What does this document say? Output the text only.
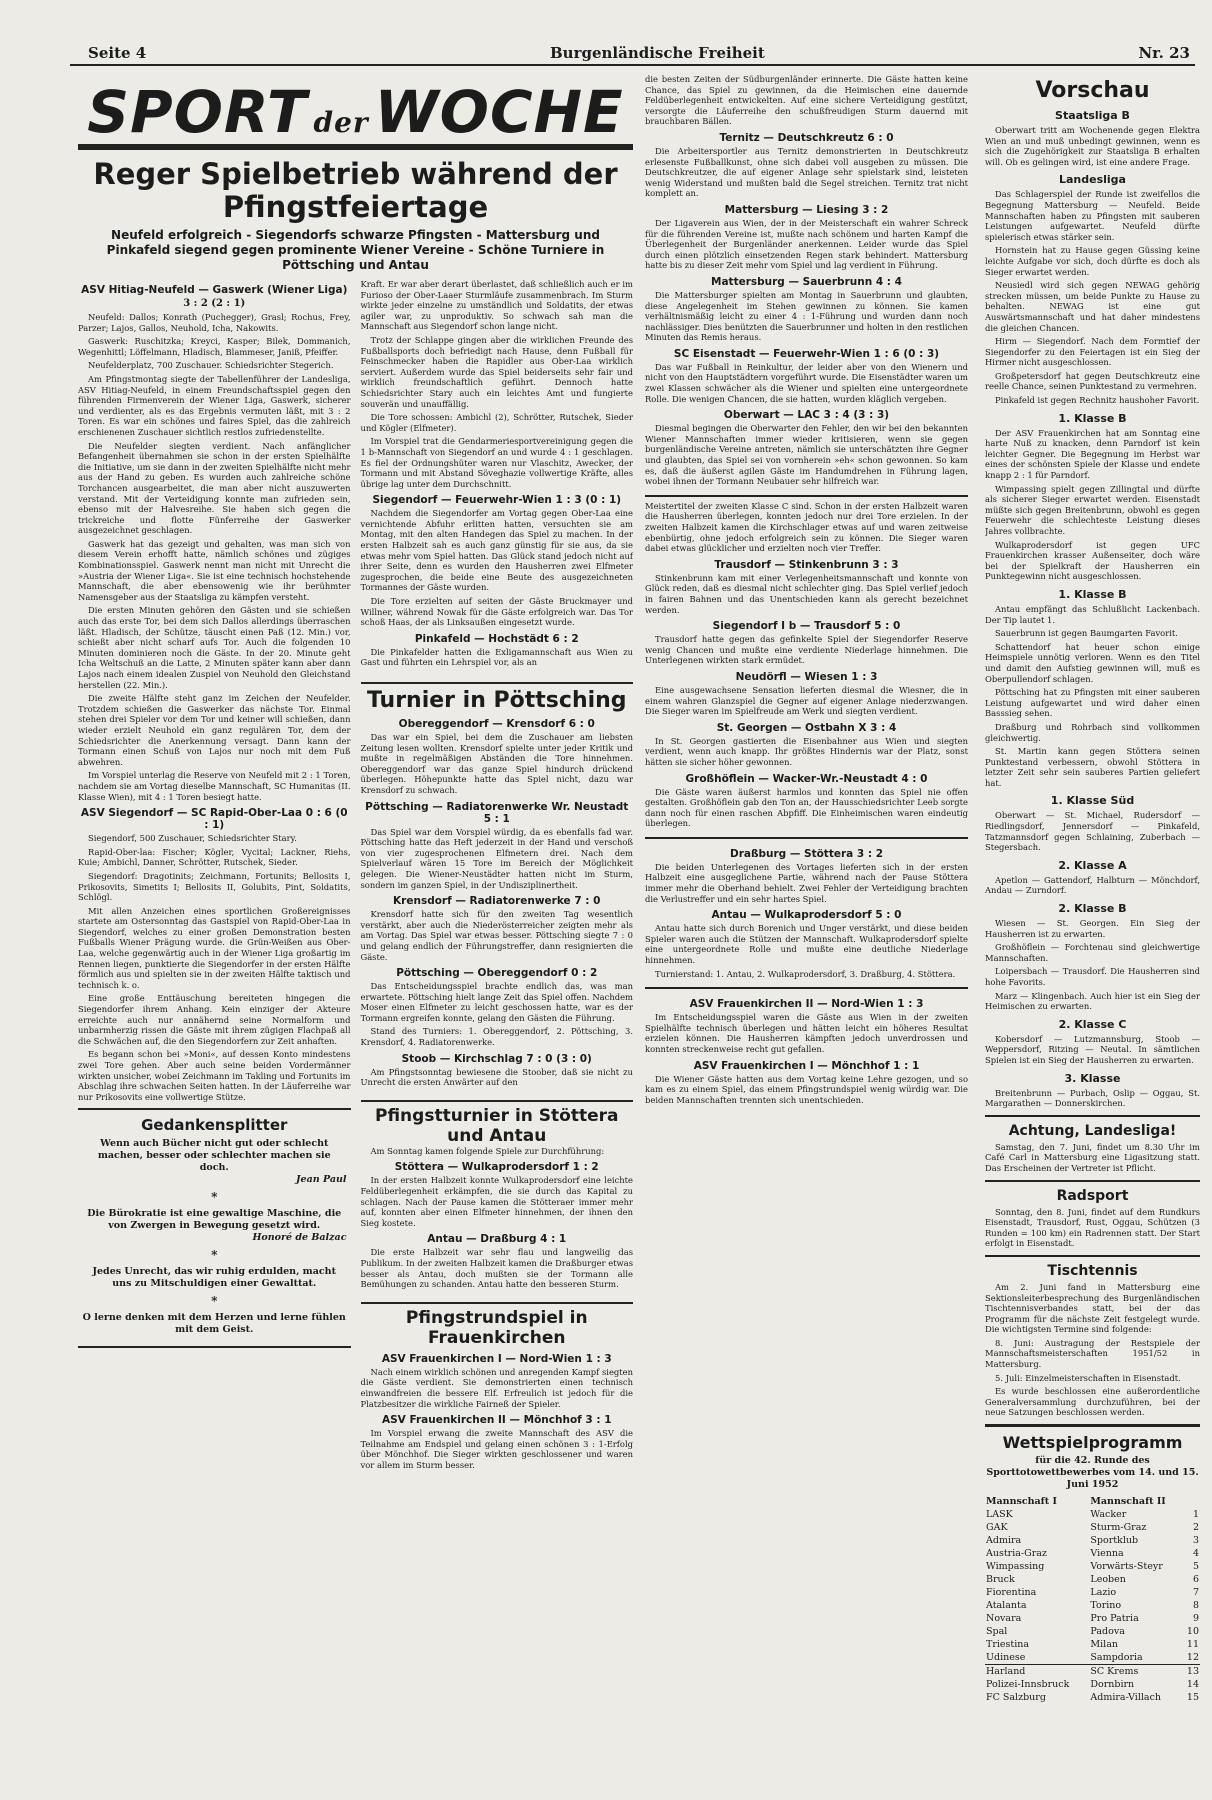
Seite 4	Burgenländische Freiheit	Nr. 23
SPORT der WOCHE
Reger Spielbetrieb während der Pfingstfeiertage
Neufeld erfolgreich - Siegendorfs schwarze Pfingsten - Mattersburg und Pinkafeld siegend gegen prominente Wiener Vereine - Schöne Turniere in Pöttsching und Antau
ASV Hitiag-Neufeld — Gaswerk (Wiener Liga)
3 : 2 (2 : 1)

Neufeld: Dallos; Konrath (Puchegger), Grasl; Rochus, Frey, Parzer; Lajos, Gallos, Neuhold, Icha, Nakowits.

Gaswerk: Ruschitzka; Kreyci, Kasper; Bilek, Dommanich, Wegenhittl; Löffelmann, Hladisch, Blammeser, Janiß, Pfeiffer.

Neufelderplatz, 700 Zuschauer. Schiedsrichter Stegerich.

Am Pfingstmontag siegte der Tabellenführer der Landesliga, ASV Hitiag-Neufeld, in einem Freundschaftsspiel gegen den führenden Firmenverein der Wiener Liga, Gaswerk, sicherer und verdienter, als es das Ergebnis vermuten läßt, mit 3 : 2 Toren. Es war ein schönes und faires Spiel, das die zahlreich erschienenen Zuschauer sichtlich restlos zufriedenstellte.

Die Neufelder siegten verdient. Nach anfänglicher Befangenheit übernahmen sie schon in der ersten Spielhälfte die Initiative, um sie dann in der zweiten Spielhälfte nicht mehr aus der Hand zu geben. Es wurden auch zahlreiche schöne Torchancen ausgearbeitet, die man aber nicht auszuwerten verstand. Mit der Verteidigung konnte man zufrieden sein, ebenso mit der Halvesreihe. Sie haben sich gegen die trickreiche und flotte Fünferreihe der Gaswerker ausgezeichnet geschlagen.

Gaswerk hat das gezeigt und gehalten, was man sich von diesem Verein erhofft hatte, nämlich schönes und zügiges Kombinationsspiel. Gaswerk nennt man nicht mit Unrecht die »Austria der Wiener Liga«. Sie ist eine technisch hochstehende Mannschaft, die aber ebensowenig wie ihr berühmter Namensgeber aus der Staatsliga zu kämpfen versteht.

Die ersten Minuten gehören den Gästen und sie schießen auch das erste Tor, bei dem sich Dallos allerdings überraschen läßt. Hladisch, der Schütze, täuscht einen Paß (12. Min.) vor, schießt aber nicht scharf aufs Tor. Auch die folgenden 10 Minuten dominieren noch die Gäste. In der 20. Minute geht Icha Weltschuß an die Latte, 2 Minuten später kann aber dann Lajos nach einem idealen Zuspiel von Neuhold den Gleichstand herstellen (22. Min.).

Die zweite Hälfte steht ganz im Zeichen der Neufelder. Trotzdem schießen die Gaswerker das nächste Tor. Einmal stehen drei Spieler vor dem Tor und keiner will schießen, dann wieder erzielt Neuhold ein ganz regulären Tor, dem der Schiedsrichter die Anerkennung versagt. Dann kann der Tormann einen Schuß von Lajos nur noch mit dem Fuß abwehren.

Im Vorspiel unterlag die Reserve von Neufeld mit 2 : 1 Toren, nachdem sie am Vortag dieselbe Mannschaft, SC Humanitas (II. Klasse Wien), mit 4 : 1 Toren besiegt hatte.

ASV Siegendorf — SC Rapid-Ober-Laa 0 : 6 (0 : 1)

Siegendorf, 500 Zuschauer, Schiedsrichter Stary.

Rapid-Ober-laa: Fischer; Kögler, Vycital; Lackner, Riehs, Kuie; Ambichl, Danner, Schrötter, Rutschek, Sieder.

Siegendorf: Dragotinits; Zeichmann, Fortunits; Bellosits I, Prikosovits, Simetits I; Bellosits II, Golubits, Pint, Soldatits, Schlögl.

Mit allen Anzeichen eines sportlichen Großereignisses startete am Ostersonntag das Gastspiel von Rapid-Ober-Laa in Siegendorf, welches zu einer großen Demonstration besten Fußballs Wiener Prägung wurde. die Grün-Weißen aus Ober-Laa, welche gegenwärtig auch in der Wiener Liga großartig im Rennen liegen, punktierte die Siegendorfer in der ersten Hälfte förmlich aus und spielten sie in der zweiten Hälfte taktisch und technisch k. o.

Eine große Enttäuschung bereiteten hingegen die Siegendorfer ihrem Anhang. Kein einziger der Akteure erreichte auch nur annähernd seine Normalform und unbarmherzig rissen die Gäste mit ihrem zügigen Flachpaß all die Schwächen auf, die den Siegendorfern zur Zeit anhaften.

Es begann schon bei »Moni«, auf dessen Konto mindestens zwei Tore gehen. Aber auch seine beiden Vordermänner wirkten unsicher, wobei Zeichmann im Takling und Fortunits im Abschlag ihre schwachen Seiten hatten. In der Läuferreihe war nur Prikosovits eine vollwertige Stütze.

Gedankensplitter
Wenn auch Bücher nicht gut oder schlecht machen, besser oder schlechter machen sie doch.
Jean Paul
*
Die Bürokratie ist eine gewaltige Maschine, die von Zwergen in Bewegung gesetzt wird.
Honoré de Balzac
*
Jedes Unrecht, das wir ruhig erdulden, macht uns zu Mitschuldigen einer Gewalttat.
*
O lerne denken mit dem Herzen und lerne fühlen mit dem Geist.

Kraft. Er war aber derart überlastet, daß schließlich auch er im Furioso der Ober-Laaer Sturmläufe zusammenbrach. Im Sturm wirkte jeder einzelne zu umständlich und Soldatits, der etwas agiler war, zu unproduktiv. So schwach sah man die Mannschaft aus Siegendorf schon lange nicht.

Trotz der Schlappe gingen aber die wirklichen Freunde des Fußballsports doch befriedigt nach Hause, denn Fußball für Feinschmecker haben die Rapidler aus Ober-Laa wirklich serviert. Außerdem wurde das Spiel beiderseits sehr fair und wirklich freundschaftlich geführt. Dennoch hatte Schiedsrichter Stary auch ein leichtes Amt und fungierte souverän und unauffällig.

Die Tore schossen: Ambichl (2), Schrötter, Rutschek, Sieder und Kögler (Elfmeter).

Im Vorspiel trat die Gendarmeriesportvereinigung gegen die 1 b-Mannschaft von Siegendorf an und wurde 4 : 1 geschlagen. Es fiel der Ordnungshüter waren nur Vlaschitz, Awecker, der Tormann und mit Abstand Söveghazie vollwertige Kräfte, alles übrige lag unter dem Durchschnitt.

Siegendorf — Feuerwehr-Wien 1 : 3 (0 : 1)

Nachdem die Siegendorfer am Vortag gegen Ober-Laa eine vernichtende Abfuhr erlitten hatten, versuchten sie am Montag, mit den alten Handegen das Spiel zu machen. In der ersten Halbzeit sah es auch ganz günstig für sie aus, da sie etwas mehr vom Spiel hatten. Das Glück stand jedoch nicht auf ihrer Seite, denn es wurden den Hausherren zwei Elfmeter zugesprochen, die beide eine Beute des ausgezeichneten Tormannes der Gäste wurden.

Die Tore erzielten auf seiten der Gäste Bruckmayer und Willner, während Nowak für die Gäste erfolgreich war. Das Tor schoß Haas, der als Linksaußen eingesetzt wurde.

Pinkafeld — Hochstädt 6 : 2

Die Pinkafelder hatten die Exligamannschaft aus Wien zu Gast und führten ein Lehrspiel vor, als an

Turnier in Pöttsching
Obereggendorf — Krensdorf 6 : 0

Das war ein Spiel, bei dem die Zuschauer am liebsten Zeitung lesen wollten. Krensdorf spielte unter jeder Kritik und mußte in regelmäßigen Abständen die Tore hinnehmen. Obereggendorf war das ganze Spiel hindurch drückend überlegen. Höhepunkte hatte das Spiel nicht, dazu war Krensdorf zu schwach.

Pöttsching — Radiatorenwerke Wr. Neustadt 5 : 1

Das Spiel war dem Vorspiel würdig, da es ebenfalls fad war. Pöttsching hatte das Heft jederzeit in der Hand und verschoß von vier zugesprochenen Elfmetern drei. Nach dem Spielverlauf wären 15 Tore im Bereich der Möglichkeit gelegen. Die Wiener-Neustädter hatten nicht im Sturm, sondern im ganzen Spiel, in der Undisziplinertheit.

Krensdorf — Radiatorenwerke 7 : 0

Krensdorf hatte sich für den zweiten Tag wesentlich verstärkt, aber auch die Niederösterreicher zeigten mehr als am Vortag. Das Spiel war etwas besser. Pöttsching siegte 7 : 0 und gelang endlich der Führungstreffer, dann resignierten die Gäste.

Pöttsching — Obereggendorf 0 : 2

Das Entscheidungsspiel brachte endlich das, was man erwartete. Pöttsching hielt lange Zeit das Spiel offen. Nachdem Moser einen Elfmeter zu leicht geschossen hatte, war es der Tormann ergreifen konnte, gelang den Gästen die Führung.

Stand des Turniers: 1. Obereggendorf, 2. Pöttsching, 3. Krensdorf, 4. Radiatorenwerke.

Stoob — Kirchschlag 7 : 0 (3 : 0)

Am Pfingstsonntag bewiesene die Stoober, daß sie nicht zu Unrecht die ersten Anwärter auf den

Pfingstturnier in Stöttera und Antau

Am Sonntag kamen folgende Spiele zur Durchführung:

Stöttera — Wulkaprodersdorf 1 : 2

In der ersten Halbzeit konnte Wulkaprodersdorf eine leichte Feldüberlegenheit erkämpfen, die sie durch das Kapital zu schlagen. Nach der Pause kamen die Stötteraer immer mehr auf, konnten aber einen Elfmeter hinnehmen, der ihnen den Sieg kostete.

Antau — Draßburg 4 : 1

Die erste Halbzeit war sehr flau und langweilig das Publikum. In der zweiten Halbzeit kamen die Draßburger etwas besser als Antau, doch mußten sie der Tormann alle Bemühungen zu schanden. Antau hatte den besseren Sturm.

Pfingstrundspiel in Frauenkirchen
ASV Frauenkirchen I — Nord-Wien 1 : 3

Nach einem wirklich schönen und anregenden Kampf siegten die Gäste verdient. Sie demonstrierten einen technisch einwandfreien die bessere Elf. Erfreulich ist jedoch für die Platzbesitzer die wirkliche Fairneß der Spieler.

ASV Frauenkirchen II — Mönchhof 3 : 1

Im Vorspiel erwang die zweite Mannschaft des ASV die Teilnahme am Endspiel und gelang einen schönen 3 : 1-Erfolg über Mönchhof. Die Sieger wirkten geschlossener und waren vor allem im Sturm besser.

die besten Zeiten der Südburgenländer erinnerte. Die Gäste hatten keine Chance, das Spiel zu gewinnen, da die Heimischen eine dauernde Feldüberlegenheit entwickelten. Auf eine sichere Verteidigung gestützt, versorgte die Läuferreihe den schußfreudigen Sturm dauernd mit brauchbaren Bällen.

Ternitz — Deutschkreutz 6 : 0

Die Arbeitersportler aus Ternitz demonstrierten in Deutschkreutz erlesenste Fußballkunst, ohne sich dabei voll ausgeben zu müssen. Die Deutschkreutzer, die auf eigener Anlage sehr spielstark sind, leisteten wenig Widerstand und mußten bald die Segel streichen. Ternitz trat nicht komplett an.

Mattersburg — Liesing 3 : 2

Der Ligaverein aus Wien, der in der Meisterschaft ein wahrer Schreck für die führenden Vereine ist, mußte nach schönem und harten Kampf die Überlegenheit der Burgenländer anerkennen. Leider wurde das Spiel durch einen plötzlich einsetzenden Regen stark behindert. Mattersburg hatte bis zu dieser Zeit mehr vom Spiel und lag verdient in Führung.

Mattersburg — Sauerbrunn 4 : 4

Die Mattersburger spielten am Montag in Sauerbrunn und glaubten, diese Angelegenheit im Stehen gewinnen zu können. Sie kamen verhältnismäßig leicht zu einer 4 : 1-Führung und wurden dann noch nachlässiger. Dies benützten die Sauerbrunner und holten in den restlichen Minuten das Remis heraus.

SC Eisenstadt — Feuerwehr-Wien 1 : 6 (0 : 3)

Das war Fußball in Reinkultur, der leider aber von den Wienern und nicht von den Hauptstädtern vorgeführt wurde. Die Eisenstädter waren um zwei Klassen schwächer als die Wiener und spielten eine untergeordnete Rolle. Die wenigen Chancen, die sie hatten, wurden kläglich vergeben.

Oberwart — LAC 3 : 4 (3 : 3)

Diesmal begingen die Oberwarter den Fehler, den wir bei den bekannten Wiener Mannschaften immer wieder kritisieren, wenn sie gegen burgenländische Vereine antreten, nämlich sie unterschätzten ihre Gegner und glaubten, das Spiel sei von vornherein »eh« schon gewonnen. So kam es, daß die äußerst agilen Gäste im Handumdrehen in Führung lagen, wobei ihnen der Tormann Neubauer sehr hilfreich war.

Meistertitel der zweiten Klasse C sind. Schon in der ersten Halbzeit waren die Hausherren überlegen, konnten jedoch nur drei Tore erzielen. In der zweiten Halbzeit kamen die Kirchschlager etwas auf und waren zeitweise ebenbürtig, ohne jedoch erfolgreich sein zu können. Die Sieger waren dabei etwas glücklicher und erzielten noch vier Treffer.

Trausdorf — Stinkenbrunn 3 : 3

Stinkenbrunn kam mit einer Verlegenheitsmannschaft und konnte von Glück reden, daß es diesmal nicht schlechter ging. Das Spiel verlief jedoch in fairen Bahnen und das Unentschieden kann als gerecht bezeichnet werden.

Siegendorf I b — Trausdorf 5 : 0

Trausdorf hatte gegen das gefinkelte Spiel der Siegendorfer Reserve wenig Chancen und mußte eine verdiente Niederlage hinnehmen. Die Unterlegenen wirkten stark ermüdet.

Neudörfl — Wiesen 1 : 3

Eine ausgewachsene Sensation lieferten diesmal die Wiesner, die in einem wahren Glanzspiel die Gegner auf eigener Anlage niederzwangen. Die Sieger waren im Spielfreude am Werk und siegten verdient.

St. Georgen — Ostbahn X 3 : 4

In St. Georgen gastierten die Eisenbahner aus Wien und siegten verdient, wenn auch knapp. Ihr größtes Hindernis war der Platz, sonst hätten sie sicher höher gewonnen.

Großhöflein — Wacker-Wr.-Neustadt 4 : 0

Die Gäste waren äußerst harmlos und konnten das Spiel nie offen gestalten. Großhöflein gab den Ton an, der Hausschiedsrichter Leeb sorgte dann noch für einen raschen Abpfiff. Die Einheimischen waren eindeutig überlegen.

Draßburg — Stöttera 3 : 2

Die beiden Unterlegenen des Vortages lieferten sich in der ersten Halbzeit eine ausgeglichene Partie, während nach der Pause Stöttera immer mehr die Oberhand behielt. Zwei Fehler der Verteidigung brachten die Verlustreffer und ein sehr hartes Spiel.

Antau — Wulkaprodersdorf 5 : 0

Antau hatte sich durch Borenich und Unger verstärkt, und diese beiden Spieler waren auch die Stützen der Mannschaft. Wulkaprodersdorf spielte eine untergeordnete Rolle und mußte eine deutliche Niederlage hinnehmen.

Turnierstand: 1. Antau, 2. Wulkaprodersdorf, 3. Draßburg, 4. Stöttera.

ASV Frauenkirchen II — Nord-Wien 1 : 3

Im Entscheidungsspiel waren die Gäste aus Wien in der zweiten Spielhälfte technisch überlegen und hätten leicht ein höheres Resultat erzielen können. Die Hausherren kämpften jedoch unverdrossen und konnten streckenweise recht gut gefallen.

ASV Frauenkirchen I — Mönchhof 1 : 1

Die Wiener Gäste hatten aus dem Vortag keine Lehre gezogen, und so kam es zu einem Spiel, das einem Pfingstrundspiel wenig würdig war. Die beiden Mannschaften trennten sich unentschieden.

Vorschau
Staatsliga B

Oberwart tritt am Wochenende gegen Elektra Wien an und muß unbedingt gewinnen, wenn es sich die Zugehörigkeit zur Staatsliga B erhalten will. Ob es gelingen wird, ist eine andere Frage.

Landesliga

Das Schlagerspiel der Runde ist zweifellos die Begegnung Mattersburg — Neufeld. Beide Mannschaften haben zu Pfingsten mit sauberen Leistungen aufgewartet. Neufeld dürfte spielerisch etwas stärker sein.

Hornstein hat zu Hause gegen Güssing keine leichte Aufgabe vor sich, doch dürfte es doch als Sieger erwartet werden.

Neusiedl wird sich gegen NEWAG gehörig strecken müssen, um beide Punkte zu Hause zu behalten. NEWAG ist eine gut Auswärtsmannschaft und hat daher mindestens die gleichen Chancen.

Hirm — Siegendorf. Nach dem Formtief der Siegendorfer zu den Feiertagen ist ein Sieg der Hirmer nicht ausgeschlossen.

Großpetersdorf hat gegen Deutschkreutz eine reelle Chance, seinen Punktestand zu vermehren.

Pinkafeld ist gegen Rechnitz haushoher Favorit.

1. Klasse B

Der ASV Frauenkirchen hat am Sonntag eine harte Nuß zu knacken, denn Parndorf ist kein leichter Gegner. Die Begegnung im Herbst war eines der schönsten Spiele der Klasse und endete knapp 2 : 1 für Parndorf.

Wimpassing spielt gegen Zillingtal und dürfte als sicherer Sieger erwartet werden. Eisenstadt müßte sich gegen Breitenbrunn, obwohl es gegen Feuerwehr die schlechteste Leistung dieses Jahres vollbrachte.

Wulkaprodersdorf ist gegen UFC Frauenkirchen krasser Außenseiter, doch wäre bei der Spielkraft der Hausherren ein Punktegewinn nicht ausgeschlossen.

1. Klasse B

Antau empfängt das Schlußlicht Lackenbach. Der Tip lautet 1.

Sauerbrunn ist gegen Baumgarten Favorit.

Schattendorf hat heuer schon einige Heimspiele unnötig verloren. Wenn es den Titel und damit den Aufstieg gewinnen will, muß es Oberpullendorf schlagen.

Pöttsching hat zu Pfingsten mit einer sauberen Leistung aufgewartet und wird daher einen Basssieg sehen.

Draßburg und Rohrbach sind vollkommen gleichwertig.

St. Martin kann gegen Stöttera seinen Punktestand verbessern, obwohl Stöttera in letzter Zeit sehr sein sauberes Partien geliefert hat.

1. Klasse Süd

Oberwart — St. Michael, Rudersdorf — Riedlingsdorf, Jennersdorf — Pinkafeld, Tatzmannsdorf gegen Schlaining, Zuberbach — Stegersbach.

2. Klasse A

Apetlon — Gattendorf, Halbturn — Mönchdorf, Andau — Zurndorf.

2. Klasse B

Wiesen — St. Georgen. Ein Sieg der Hausherren ist zu erwarten.

Großhöflein — Forchtenau sind gleichwertige Mannschaften.

Loipersbach — Trausdorf. Die Hausherren sind hohe Favorits.

Marz — Klingenbach. Auch hier ist ein Sieg der Heimischen zu erwarten.

2. Klasse C

Kobersdorf — Lutzmannsburg, Stoob — Weppersdorf, Ritzing — Neutal. In sämtlichen Spielen ist ein Sieg der Hausherren zu erwarten.

3. Klasse

Breitenbrunn — Purbach, Oslip — Oggau, St. Margarathen — Donnerskirchen.

Achtung, Landesliga!

Samstag, den 7. Juni, findet um 8.30 Uhr im Café Carl in Mattersburg eine Ligasitzung statt. Das Erscheinen der Vertreter ist Pflicht.

Radsport

Sonntag, den 8. Juni, findet auf dem Rundkurs Eisenstadt, Trausdorf, Rust, Oggau, Schützen (3 Runden = 100 km) ein Radrennen statt. Der Start erfolgt in Eisenstadt.

Tischtennis

Am 2. Juni fand in Mattersburg eine Sektionsleiterbesprechung des Burgenländischen Tischtennisverbandes statt, bei der das Programm für die nächste Zeit festgelegt wurde. Die wichtigsten Termine sind folgende:

8. Juni: Austragung der Restspiele der Mannschaftsmeisterschaften 1951/52 in Mattersburg.

5. Juli: Einzelmeisterschaften in Eisenstadt.

Es wurde beschlossen eine außerordentliche Generalversammlung durchzuführen, bei der neue Satzungen beschlossen werden.

Wettspielprogramm
für die 42. Runde des Sporttotowettbewerbes vom 14. und 15. Juni 1952
Mannschaft I	Mannschaft II	
LASK	Wacker	1
GAK	Sturm-Graz	2
Admira	Sportklub	3
Austria-Graz	Vienna	4
Wimpassing	Vorwärts-Steyr	5
Bruck	Leoben	6
Fiorentina	Lazio	7
Atalanta	Torino	8
Novara	Pro Patria	9
Spal	Padova	10
Triestina	Milan	11
Udinese	Sampdoria	12
Harland	SC Krems	13
Polizei-Innsbruck	Dornbirn	14
FC Salzburg	Admira-Villach	15
